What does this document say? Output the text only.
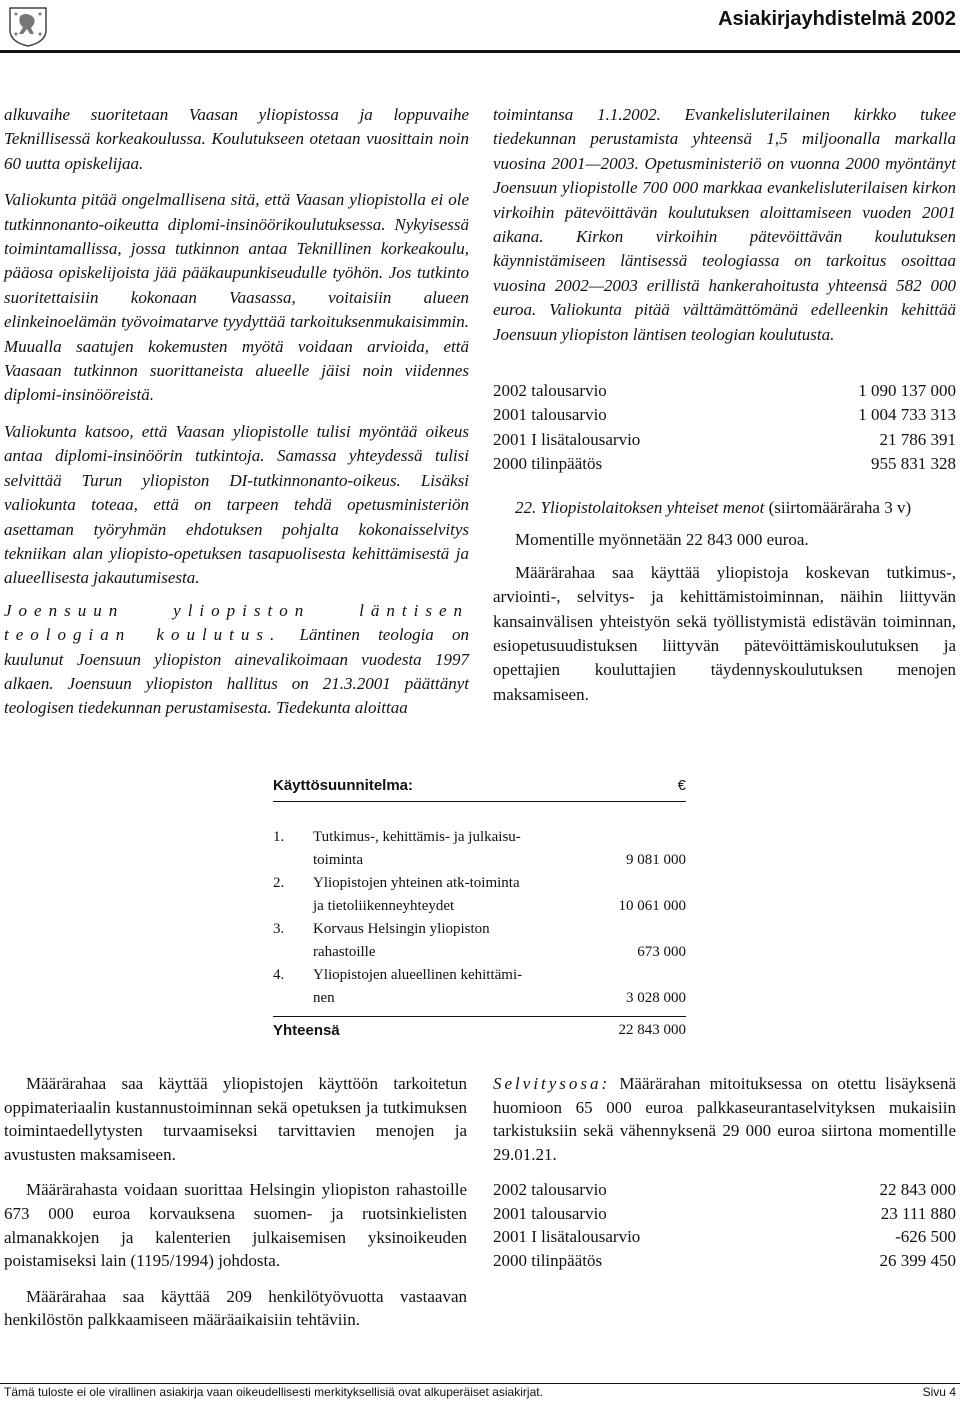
Asiakirjayhdistelmä 2002

alkuvaihe suoritetaan Vaasan yliopistossa ja loppuvaihe Teknillisessä korkeakoulussa. Koulutukseen otetaan vuosittain noin 60 uutta opiskelijaa.

Valiokunta pitää ongelmallisena sitä, että Vaasan yliopistolla ei ole tutkinnonanto-oikeutta diplomi-insinöörikoulutuksessa. Nykyisessä toimintamallissa, jossa tutkinnon antaa Teknillinen korkeakoulu, pääosa opiskelijoista jää pääkaupunkiseudulle työhön. Jos tutkinto suoritettaisiin kokonaan Vaasassa, voitaisiin alueen elinkeinoelämän työvoimatarve tyydyttää tarkoituksenmukaisimmin. Muualla saatujen kokemusten myötä voidaan arvioida, että Vaasaan tutkinnon suorittaneista alueelle jäisi noin viidennes diplomi-insinööreistä.

Valiokunta katsoo, että Vaasan yliopistolle tulisi myöntää oikeus antaa diplomi-insinöörin tutkintoja. Samassa yhteydessä tulisi selvittää Turun yliopiston DI-tutkinnonanto-oikeus. Lisäksi valiokunta toteaa, että on tarpeen tehdä opetusministeriön asettaman työryhmän ehdotuksen pohjalta kokonaisselvitys tekniikan alan yliopisto-opetuksen tasapuolisesta kehittämisestä ja alueellisesta jakautumisesta.

Joensuun yliopiston läntisen teologian koulutus. Läntinen teologia on kuulunut Joensuun yliopiston ainevalikoimaan vuodesta 1997 alkaen. Joensuun yliopiston hallitus on 21.3.2001 päättänyt teologisen tiedekunnan perustamisesta. Tiedekunta aloittaa

toimintansa 1.1.2002. Evankelisluterilainen kirkko tukee tiedekunnan perustamista yhteensä 1,5 miljoonalla markalla vuosina 2001—2003. Opetusministeriö on vuonna 2000 myöntänyt Joensuun yliopistolle 700 000 markkaa evankelisluterilaisen kirkon virkoihin pätevöittävän koulutuksen aloittamiseen vuoden 2001 aikana. Kirkon virkoihin pätevöittävän koulutuksen käynnistämiseen läntisessä teologiassa on tarkoitus osoittaa vuosina 2002—2003 erillistä hankerahoitusta yhteensä 582 000 euroa. Valiokunta pitää välttämättömänä edelleenkin kehittää Joensuun yliopiston läntisen teologian koulutusta.

2002 talousarvio	1 090 137 000
2001 talousarvio	1 004 733 313
2001 I lisätalousarvio	21 786 391
2000 tilinpäätös	955 831 328

22. Yliopistolaitoksen yhteiset menot (siirtomääräraha 3 v)

Momentille myönnetään 22 843 000 euroa.

Määrärahaa saa käyttää yliopistoja koskevan tutkimus-, arviointi-, selvitys- ja kehittämistoiminnan, näihin liittyvän kansainvälisen yhteistyön sekä työllistymistä edistävän toiminnan, esiopetusuudistuksen liittyvän pätevöittämiskoulutuksen ja opettajien kouluttajien täydennyskoulutuksen menojen maksamiseen.

Käyttösuunnitelma:	€
1.	Tutkimus-, kehittämis- ja julkaisu-
toiminta	9 081 000
2.	Yliopistojen yhteinen atk-toiminta
ja tietoliikenneyhteydet	10 061 000
3.	Korvaus Helsingin yliopiston
rahastoille	673 000
4.	Yliopistojen alueellinen kehittämi-
nen	3 028 000
Yhteensä	22 843 000

Määrärahaa saa käyttää yliopistojen käyttöön tarkoitetun oppimateriaalin kustannustoiminnan sekä opetuksen ja tutkimuksen toimintaedellytysten turvaamiseksi tarvittavien menojen ja avustusten maksamiseen.

Määrärahasta voidaan suorittaa Helsingin yliopiston rahastoille 673 000 euroa korvauksena suomen- ja ruotsinkielisten almanakkojen ja kalenterien julkaisemisen yksinoikeuden poistamiseksi lain (1195/1994) johdosta.

Määrärahaa saa käyttää 209 henkilötyövuotta vastaavan henkilöstön palkkaamiseen määräaikaisiin tehtäviin.

Selvitysosa: Määrärahan mitoituksessa on otettu lisäyksenä huomioon 65 000 euroa palkkaseurantaselvityksen mukaisiin tarkistuksiin sekä vähennyksenä 29 000 euroa siirtona momentille 29.01.21.

2002 talousarvio	22 843 000
2001 talousarvio	23 111 880
2001 I lisätalousarvio	-626 500
2000 tilinpäätös	26 399 450
Tämä tuloste ei ole virallinen asiakirja vaan oikeudellisesti merkityksellisiä ovat alkuperäiset asiakirjat.	Sivu 4
